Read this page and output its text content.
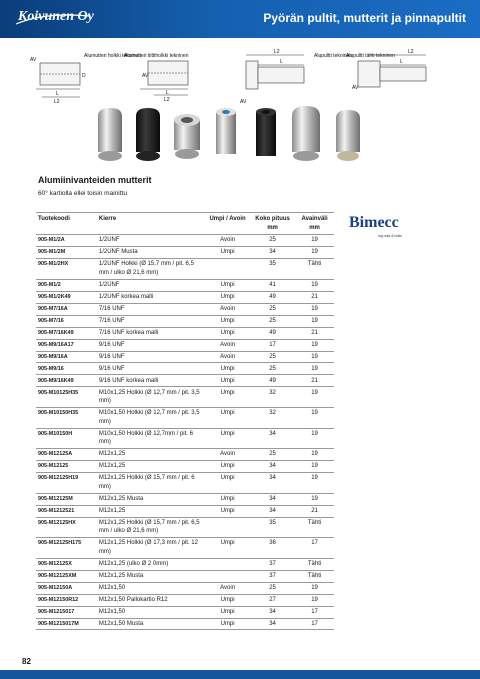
Koivunen Oy	Pyörän pultit, mutterit ja pinnapultit
AV
Alumutteri holkki tekninen
L
L2
D
Alumutteri tiittiholkki tekninen
AV
L
L2
L2
L
AV
Alupultti tekninen
Alupultti tähti tekninen
L2
L
AV
Alumiinivanteiden mutterit
60° kartiolla ellei toisin mainittu
Tuotekoodi	Kierre	Umpi / Avoin	Koko pituus mm	Avainväli mm
905-M1/2A	1/2UNF	Avoin	25	19
905-M1/2M	1/2UNF Musta	Umpi	34	19
905-M1/2HX	1/2UNF Holkki (Ø 15,7 mm / pit. 6,5 mm / ulko Ø 21,6 mm)		35	Tähti
905-M1/2	1/2UNF	Umpi	41	19
905-M1/2K49	1/2UNF korkea malli	Umpi	49	21
905-M7/16A	7/16 UNF	Avoin	25	19
905-M7/16	7/16 UNF	Umpi	25	19
905-M7/16K49	7/16 UNF korkea malli	Umpi	49	21
905-M9/16A17	9/16 UNF	Avoin	17	19
905-M9/16A	9/16 UNF	Avoin	25	19
905-M9/16	9/16 UNF	Umpi	25	19
905-M9/16K49	9/16 UNF korkea malli	Umpi	49	21
905-M10125H35	M10x1,25 Holkki (Ø 12,7 mm / pit. 3,5 mm)	Umpi	32	19
905-M10150H35	M10x1,50 Holkki (Ø 12,7 mm / pit. 3,5 mm)	Umpi	32	19
905-M10150H	M10x1,50 Holkki (Ø 12,7mm / pit. 6 mm)	Umpi	34	19
905-M12125A	M12x1,25	Avoin	25	19
905-M12125	M12x1,25	Umpi	34	19
905-M12125H19	M12x1,25 Holkki (Ø 15,7 mm / pit. 6 mm)	Umpi	34	19
905-M12125M	M12x1,25 Musta	Umpi	34	19
905-M1212521	M12x1,25	Umpi	34	21
905-M12125HX	M12x1,25 Holkki (Ø 15,7 mm / pit. 6,5 mm / ulko Ø 21,6 mm)		35	Tähti
905-M12125H175	M12x1,25 Holkki (Ø 17,3 mm / pit. 12 mm)	Umpi	36	17
905-M12125X	M12x1,25 (ulko Ø 2 0mm)		37	Tähti
905-M12125XM	M12x1,25 Musta		37	Tähti
905-M12150A	M12x1,50	Avoin	25	19
905-M12150R12	M12x1,50 Pallokartio R12	Umpi	27	19
905-M1215017	M12x1,50	Umpi	34	17
905-M1215017M	M12x1,50 Musta	Umpi	34	17
Bimecc
lug nuts & bolts
82
